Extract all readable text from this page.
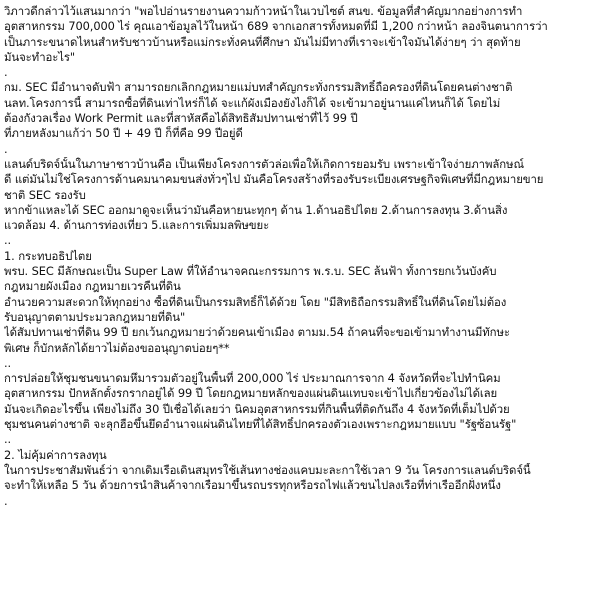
วิภาวดีกล่าวไว้แสนมากว่า "พอไปอ่านรายงานความก้าวหน้าในเวบไซต์ สนข. ข้อมูลที่สำคัญมากอย่างการทำ
อุตสาหกรรม 700,000 ไร่ คุณเอาข้อมูลไว้ในหน้า 689 จากเอกสารทั้งหมดที่มี 1,200 กว่าหน้า ลองจินตนาการว่า
เป็นภาระขนาดไหนสำหรับชาวบ้านหรือแม่กระทั่งคนที่ศึกษา มันไม่มีทางที่เราจะเข้าใจมันได้ง่ายๆ ว่า สุดท้าย
มันจะทำอะไร"
.
กม. SEC มีอำนาจดับฟ้า สามารถยกเลิกกฎหมายแม่บทสำคัญกระทั่งกรรมสิทธิ์ถือครองที่ดินโดยคนต่างชาติ
นลท.โครงการนี้ สามารถซื้อที่ดินเท่าไหร่ก็ได้ จะแก้ผังเมืองยังไงก็ได้ จะเข้ามาอยู่นานแค่ไหนก็ได้ โดยไม่
ต้องกังวลเรื่อง Work Permit และที่สาหัสคือได้สิทธิสัมปทานเช่าที่ไว้ 99 ปี
ที่ภายหลังมาแก้ว่า 50 ปี + 49 ปี ก็ที่คือ 99 ปีอยู่ดี
.
แลนด์บริดจ์นั้นในภาษาชาวบ้านคือ เป็นเพียงโครงการตัวล่อเพื่อให้เกิดการยอมรับ เพราะเข้าใจง่ายภาพลักษณ์
ดี แต่มันไม่ใช่โครงการด้านคมนาคมขนส่งทั่วๆไป มันคือโครงสร้างที่รองรับระเบียงเศรษฐกิจพิเศษที่มีกฎหมายขาย
ชาติ SEC รองรับ
หากข้าแหละได้ SEC ออกมาดูจะเห็นว่ามันคือหายนะทุกๆ ด้าน 1.ด้านอธิปไตย 2.ด้านการลงทุน 3.ด้านสิ่ง
แวดล้อม 4. ด้านการท่องเที่ยว 5.และการเพิ่มมลพิษขยะ
..
1. กระทบอธิปไตย
พรบ. SEC มีลักษณะเป็น Super Law ที่ให้อำนาจคณะกรรมการ พ.ร.บ. SEC ล้นฟ้า ทั้งการยกเว้นบังคับ
กฎหมายผังเมือง กฎหมายเวรคืนที่ดิน
อำนวยความสะดวกให้ทุกอย่าง ซื้อที่ดินเป็นกรรมสิทธิ์ก็ได้ด้วย โดย "มีสิทธิถือกรรมสิทธิ์ในที่ดินโดยไม่ต้อง
รับอนุญาตตามประมวลกฎหมายที่ดิน"
ได้สัมปทานเช่าที่ดิน 99 ปี ยกเว้นกฎหมายว่าด้วยคนเข้าเมือง ตามม.54 ถ้าคนที่จะขอเข้ามาทำงานมีทักษะ
พิเศษ ก็บักหลักได้ยาวไม่ต้องขออนุญาตบ่อยๆ**
..
การปล่อยให้ชุมชนขนาดมหึมารวมตัวอยู่ในพื้นที่ 200,000 ไร่ ประมาณการจาก 4 จังหวัดที่จะไปทำนิคม
อุตสาหกรรม ปักหลักตั้งรกรากอยู่ได้ 99 ปี โดยกฎหมายหลักของแผ่นดินแทบจะเข้าไปเกี่ยวข้องไม่ได้เลย
มันจะเกิดอะไรขึ้น เพียงไม่ถึง 30 ปีเชื่อได้เลยว่า นิคมอุตสาหกรรมที่กินพื้นที่ติดกันถึง 4 จังหวัดที่เต็มไปด้วย
ชุมชนคนต่างชาติ จะลุกฮือขึ้นยึดอำนาจแผ่นดินไทยที่ได้สิทธิ์ปกครองตัวเองเพราะกฎหมายแบบ "รัฐซ้อนรัฐ"
..
2. ไม่คุ้มค่าการลงทุน
ในการประชาสัมพันธ์ว่า จากเดิมเรือเดินสมุทรใช้เส้นทางช่องแคบมะละกาใช้เวลา 9 วัน โครงการแลนด์บริดจ์นี้
จะทำให้เหลือ 5 วัน ด้วยการนำสินค้าจากเรือมาขึ้นรถบรรทุกหรือรถไฟแล้วขนไปลงเรือที่ท่าเรืออีกฝั่งหนึ่ง
.
